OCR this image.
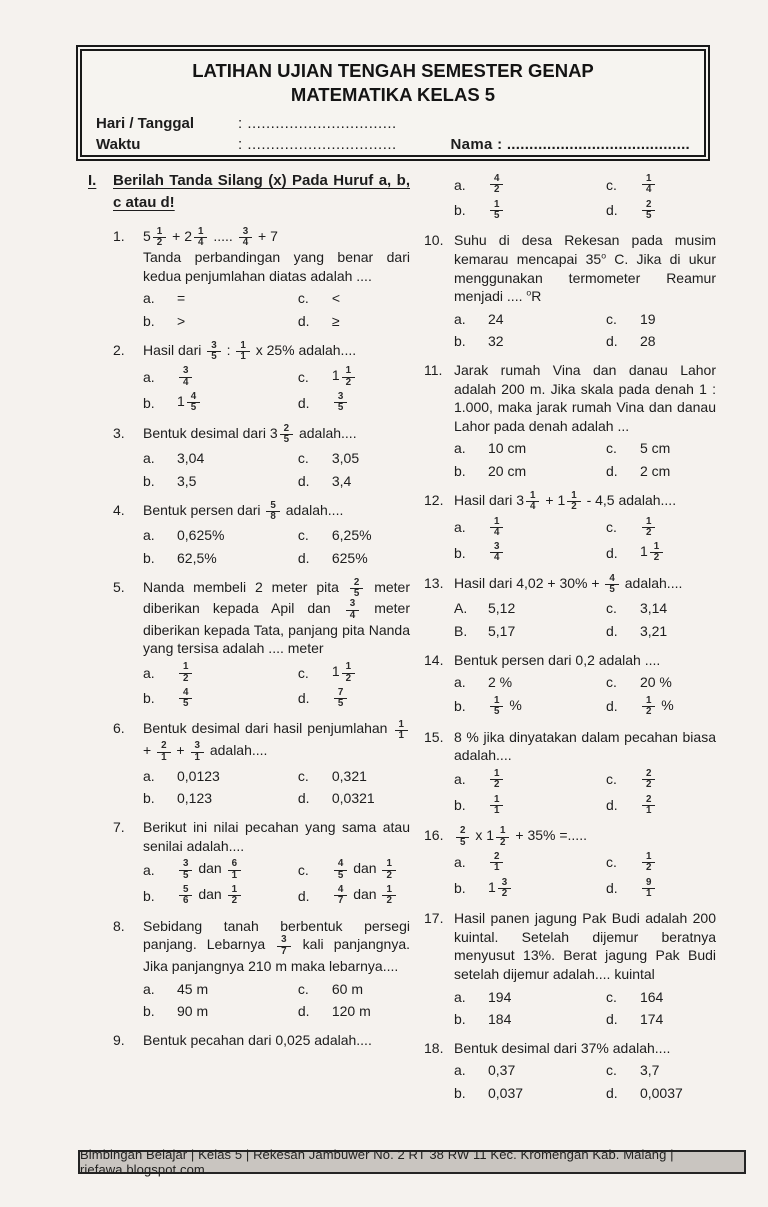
LATIHAN UJIAN TENGAH SEMESTER GENAP
MATEMATIKA KELAS 5
Hari / Tanggal	: ................................
Waktu	: ................................	Nama : .........................................
I.	Berilah Tanda Silang (x) Pada Huruf a, b, c atau d!
1.	$5 \frac{1}{2} + 2 \frac{1}{4}$ ..... $\frac{3}{4} + 7$
Tanda perbandingan yang benar dari kedua penjumlahan diatas adalah ....
a.	=	c.	<
b.	>	d.	≥
2.	Hasil dari $\frac{3}{5}$ : $\frac{1}{1}$ x 25% adalah....
a.	$\frac{3}{4}$	c.	$1 \frac{1}{2}$
b.	$1 \frac{4}{5}$	d.	$\frac{3}{5}$
3.	Bentuk desimal dari $3 \frac{2}{5}$ adalah....
a.	3,04	c.	3,05
b.	3,5	d.	3,4
4.	Bentuk persen dari $\frac{5}{8}$ adalah....
a.	0,625%	c.	6,25%
b.	62,5%	d.	625%
5.	Nanda membeli 2 meter pita $\frac{2}{5}$ meter diberikan kepada Apil dan $\frac{3}{4}$ meter diberikan kepada Tata, panjang pita Nanda yang tersisa adalah .... meter
a.	$\frac{1}{2}$	c.	$1 \frac{1}{2}$
b.	$\frac{4}{5}$	d.	$\frac{7}{5}$
6.	Bentuk desimal dari hasil penjumlahan $\frac{1}{1}$
+ $\frac{2}{1} + \frac{3}{1}$ adalah....
a.	0,0123	c.	0,321
b.	0,123	d.	0,0321
7.	Berikut ini nilai pecahan yang sama atau senilai adalah....
a.	$\frac{3}{5}$ dan $\frac{6}{1}$	c.	$\frac{4}{5}$ dan $\frac{1}{2}$
b.	$\frac{5}{6}$ dan $\frac{1}{2}$	d.	$\frac{4}{7}$ dan $\frac{1}{2}$
8.	Sebidang tanah berbentuk persegi panjang. Lebarnya $\frac{3}{7}$ kali panjangnya. Jika panjangnya 210 m maka lebarnya....
a.	45 m	c.	60 m
b.	90 m	d.	120 m
9.	Bentuk pecahan dari 0,025 adalah....
a.	$\frac{4}{2}$	c.	$\frac{1}{4}$
b.	$\frac{1}{5}$	d.	$\frac{2}{5}$
10. Suhu di desa Rekesan pada musim kemarau mencapai 35$^o$ C. Jika di ukur menggunakan termometer Reamur menjadi .... $^o$R
a.	24	c.	19
b.	32	d.	28
11. Jarak rumah Vina dan danau Lahor adalah 200 m. Jika skala pada denah 1 : 1.000, maka jarak rumah Vina dan danau Lahor pada denah adalah ...
a.	10 cm	c.	5 cm
b.	20 cm	d.	2 cm
12. Hasil dari $3 \frac{1}{4} + 1 \frac{1}{2} - 4,5$ adalah....
a.	$\frac{1}{4}$	c.	$\frac{1}{2}$
b.	$\frac{3}{4}$	d.	$1 \frac{1}{2}$
13. Hasil dari $4,02 + 30\% + \frac{4}{5}$ adalah....
A.	5,12	c.	3,14
B.	5,17	d.	3,21
14. Bentuk persen dari 0,2 adalah ....
a.	2 %	c.	20 %
b.	$\frac{1}{5}$ %	d.	$\frac{1}{2}$ %
15. 8 % jika dinyatakan dalam pecahan biasa adalah....
a.	$\frac{1}{2}$	c.	$\frac{2}{2}$
b.	$\frac{1}{1}$	d.	$\frac{2}{1}$
16.	$\frac{2}{5}$ x $1 \frac{1}{2} + 35\%$ =.....
a.	$\frac{2}{1}$	c.	$\frac{1}{2}$
b.	$1 \frac{3}{2}$	d.	$\frac{9}{1}$
17. Hasil panen jagung Pak Budi adalah 200 kuintal. Setelah dijemur beratnya menyusut 13%. Berat jagung Pak Budi setelah dijemur adalah.... kuintal
a.	194	c.	164
b.	184	d.	174
18. Bentuk desimal dari 37% adalah....
a.	0,37	c.	3,7
b.	0,037	d.	0,0037
Bimbingan Belajar | Kelas 5 | Rekesan Jambuwer No. 2 RT 38 RW 11 Kec. Kromengan Kab. Malang | riefawa.blogspot.com
